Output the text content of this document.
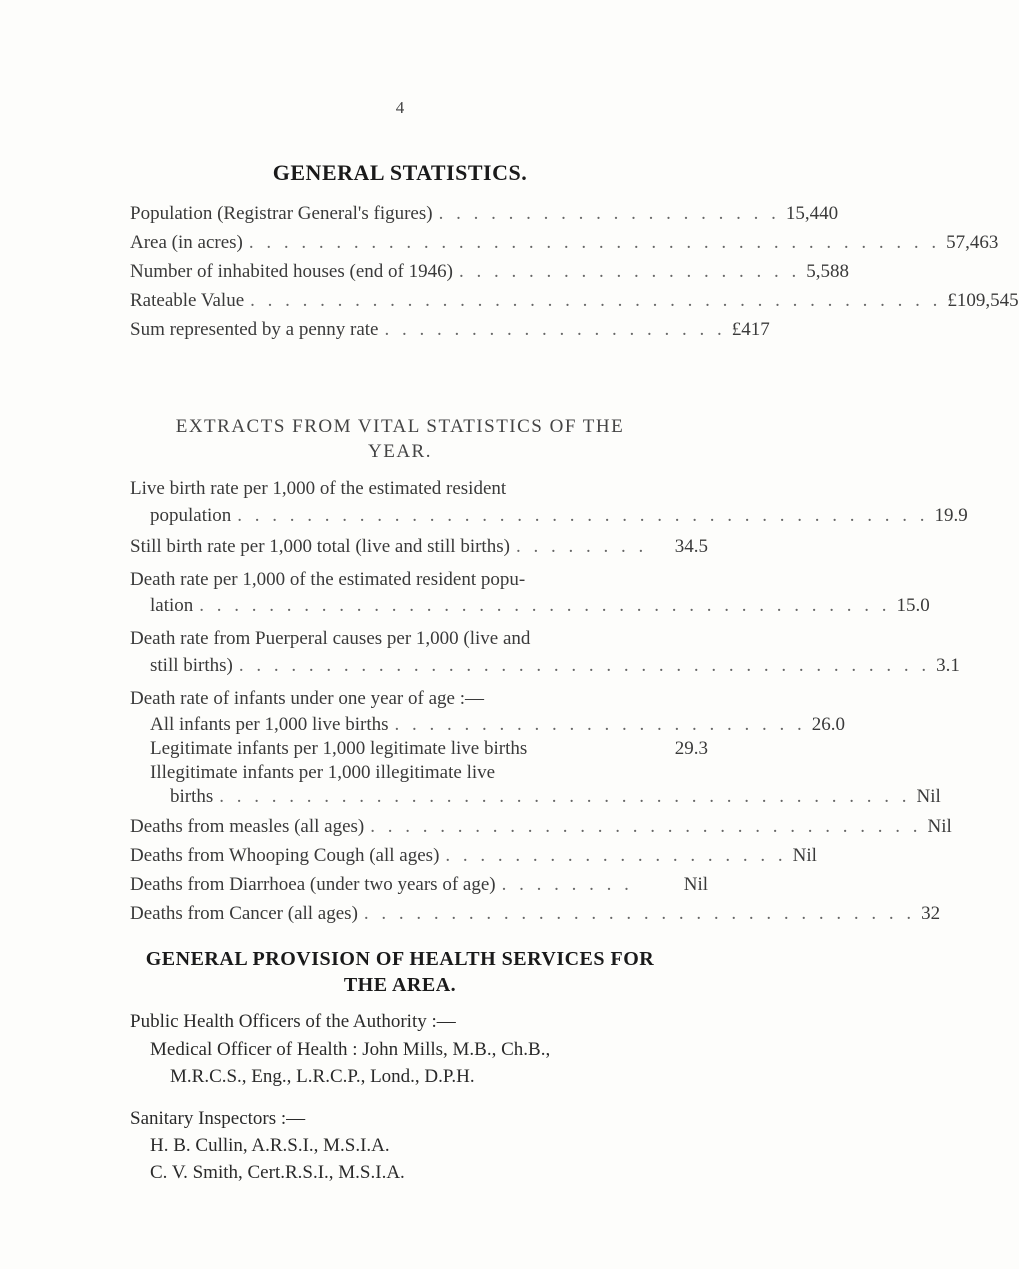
4
GENERAL STATISTICS.
Population (Registrar General's figures) . . . . . . . . . . . . . . . . . . . . 15,440
Area (in acres) . . . . . . . . . . . . . . . . . . . . . . . . . . . . . . . . . . . . . . . . 57,463
Number of inhabited houses (end of 1946) . . . . . . . . . . . . . . . . . . . . 5,588
Rateable Value . . . . . . . . . . . . . . . . . . . . . . . . . . . . . . . . . . . . . . . . £109,545
Sum represented by a penny rate . . . . . . . . . . . . . . . . . . . . £417
EXTRACTS FROM VITAL STATISTICS OF THE
YEAR.
Live birth rate per 1,000 of the estimated resident
population . . . . . . . . . . . . . . . . . . . . . . . . . . . . . . . . . . . . . . . . 19.9
Still birth rate per 1,000 total (live and still births) . . . . . . . .	34.5
Death rate per 1,000 of the estimated resident popu-
lation . . . . . . . . . . . . . . . . . . . . . . . . . . . . . . . . . . . . . . . . 15.0
Death rate from Puerperal causes per 1,000 (live and
still births) . . . . . . . . . . . . . . . . . . . . . . . . . . . . . . . . . . . . . . . . 3.1
Death rate of infants under one year of age :—
All infants per 1,000 live births . . . . . . . . . . . . . . . . . . . . . . . . 26.0
Legitimate infants per 1,000 legitimate live births	29.3
Illegitimate infants per 1,000 illegitimate live
births . . . . . . . . . . . . . . . . . . . . . . . . . . . . . . . . . . . . . . . . Nil
Deaths from measles (all ages) . . . . . . . . . . . . . . . . . . . . . . . . . . . . . . . . Nil
Deaths from Whooping Cough (all ages) . . . . . . . . . . . . . . . . . . . . Nil
Deaths from Diarrhoea (under two years of age) . . . . . . . .	Nil
Deaths from Cancer (all ages) . . . . . . . . . . . . . . . . . . . . . . . . . . . . . . . . 32
GENERAL PROVISION OF HEALTH SERVICES FOR
THE AREA.
Public Health Officers of the Authority :—
Medical Officer of Health : John Mills, M.B., Ch.B.,
M.R.C.S., Eng., L.R.C.P., Lond., D.P.H.
Sanitary Inspectors :—
H. B. Cullin, A.R.S.I., M.S.I.A.
C. V. Smith, Cert.R.S.I., M.S.I.A.
